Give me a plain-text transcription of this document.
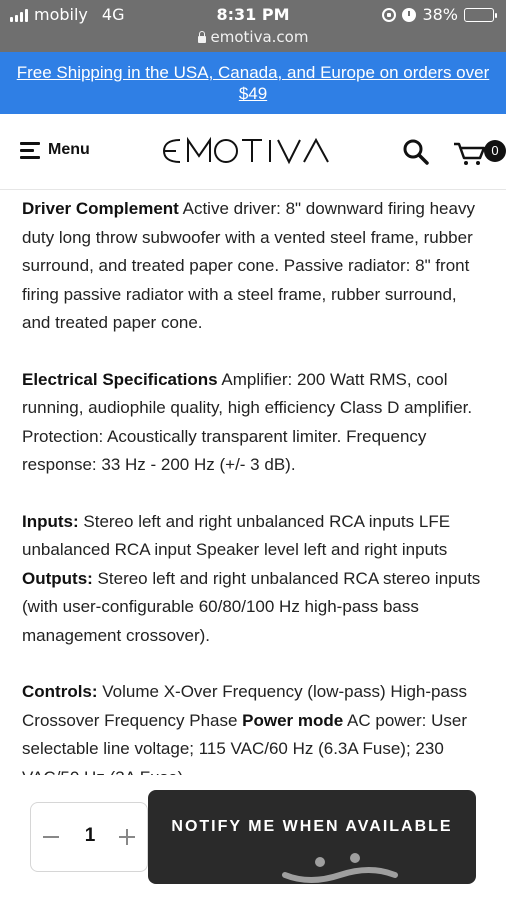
mobily 4G	8:31 PM	38%
emotiva.com
Free Shipping in the USA, Canada, and Europe on orders over $49
Menu	0

Driver Complement Active driver: 8" downward firing heavy duty long throw subwoofer with a vented steel frame, rubber surround, and treated paper cone. Passive radiator: 8" front firing passive radiator with a steel frame, rubber surround, and treated paper cone.

Electrical Specifications Amplifier: 200 Watt RMS, cool running, audiophile quality, high efficiency Class D amplifier. Protection: Acoustically transparent limiter. Frequency response: 33 Hz - 200 Hz (+/- 3 dB).

Inputs: Stereo left and right unbalanced RCA inputs LFE unbalanced RCA input Speaker level left and right inputs Outputs: Stereo left and right unbalanced RCA stereo inputs (with user-configurable 60/80/100 Hz high-pass bass management crossover).

Controls: Volume X-Over Frequency (low-pass) High-pass Crossover Frequency Phase Power mode AC power: User selectable line voltage; 115 VAC/60 Hz (6.3A Fuse); 230

1	NOTIFY ME WHEN AVAILABLE
